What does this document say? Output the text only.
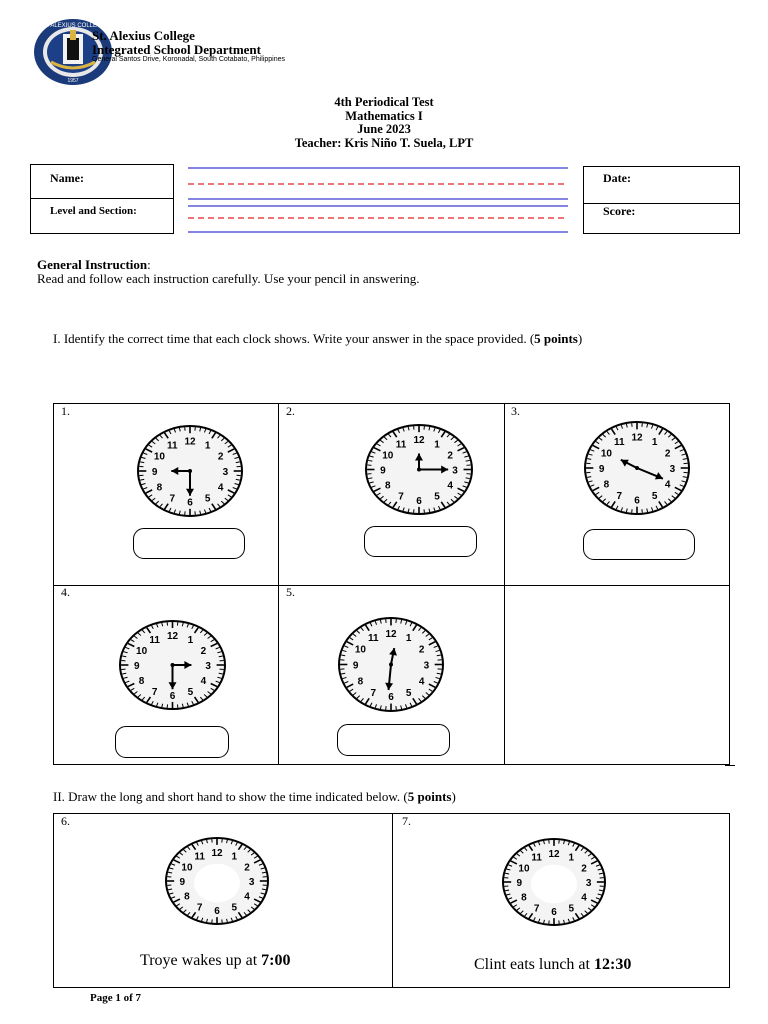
ST. ALEXIUS COLLEGE
1957
St. Alexius College
Integrated School Department
General Santos Drive, Koronadal, South Cotabato, Philippines
4th Periodical Test
Mathematics I
June 2023
Teacher: Kris Niño T. Suela, LPT
Name:
Level and Section:
Date:
Score:
General Instruction:
Read and follow each instruction carefully. Use your pencil in answering.
I. Identify the correct time that each clock shows. Write your answer in the space provided. (5 points)
1.	2.	3.
4.	5.
1
2
3
4
5
6
7
8
9
10
11 12	1
2
3
4
5
6
7
8
9
10
11 12	1
2
3
4
5
6
7
8
9
10
11 12
1
2
3
4
5
6
7
8
9
10
11 12	1
2
3
4
5
6
7
8
9
10
11 12
II. Draw the long and short hand to show the time indicated below. (5 points)
6.	7.
1
2
3
4
5
6
7
8
9
10
11 12	1
2
3
4
5
6
7
8
9
10
11 12
Troye wakes up at 7:00	Clint eats lunch at 12:30
Page 1 of 7
